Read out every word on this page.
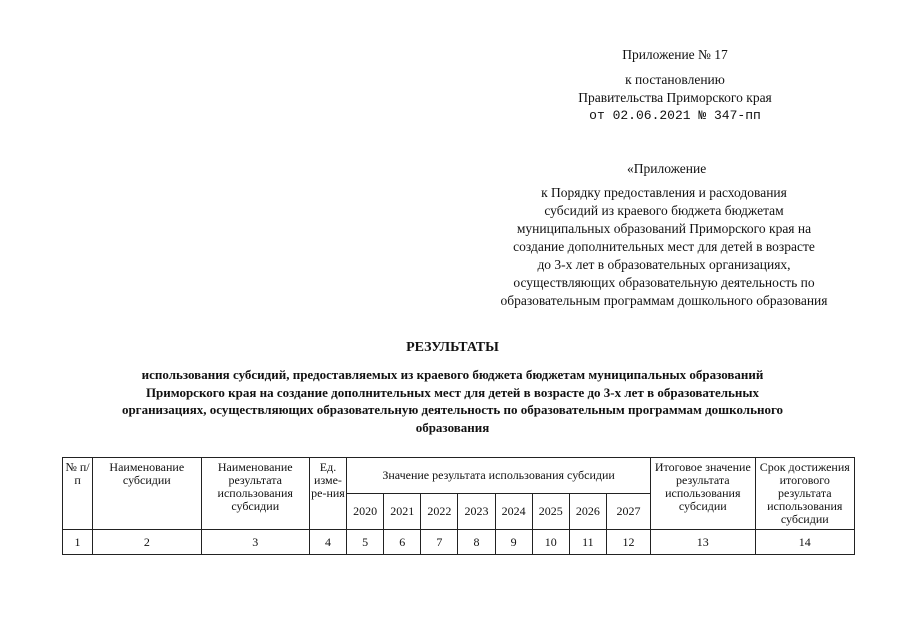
Приложение № 17
к постановлению
Правительства Приморского края
от 02.06.2021 № 347-пп
«Приложение
к Порядку предоставления и расходования
субсидий из краевого бюджета бюджетам
муниципальных образований Приморского края на
создание дополнительных мест для детей в возрасте
до 3-х лет в образовательных организациях,
осуществляющих образовательную деятельность по
образовательным программам дошкольного образования
РЕЗУЛЬТАТЫ
использования субсидий, предоставляемых из краевого бюджета бюджетам муниципальных образований
Приморского края на создание дополнительных мест для детей в возрасте до 3-х лет в образовательных
организациях, осуществляющих образовательную деятельность по образовательным программам дошкольного
образования
№ п/п	Наименование субсидии	Наименование результата использования субсидии	Ед. изме-ре-ния	Значение результата использования субсидии								Итоговое значение результата использования субсидии	Срок достижения итогового результата использования субсидии
				2020	2021	2022	2023	2024	2025	2026	2027		
1	2	3	4	5	6	7	8	9	10	11	12	13	14
